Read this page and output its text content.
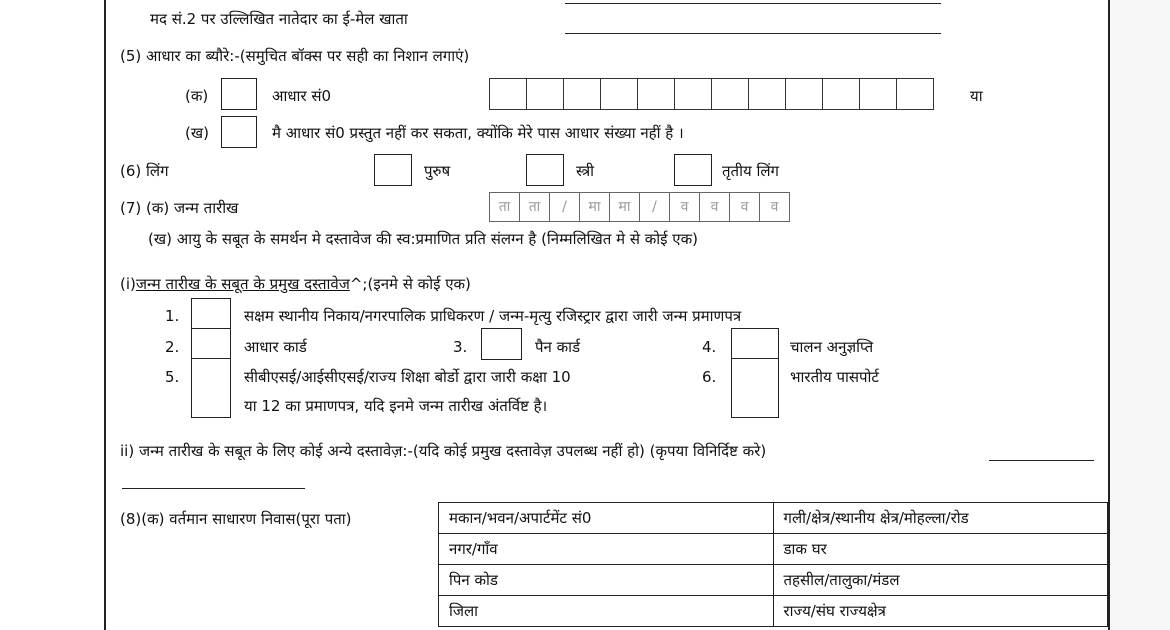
मद सं.2 पर उल्लिखित नातेदार का ई-मेल खाता
(5) आधार का ब्यौरे:-(समुचित बॉक्स पर सही का निशान लगाएं)
(क)	आधार सं0	या
(ख)	मै आधार सं0 प्रस्तुत नहीं कर सकता, क्योंकि मेरे पास आधार संख्या नहीं है ।
(6) लिंग	पुरुष	स्त्री	तृतीय लिंग
(7) (क) जन्म तारीख	ता	ता	/	मा	मा	/	व	व	व	व
(ख) आयु के सबूत के समर्थन मे दस्तावेज की स्व:प्रमाणित प्रति संलग्न है (निम्मलिखित मे से कोई एक)
(i)जन्म तारीख के सबूत के प्रमुख दस्तावेज^;(इनमे से कोई एक)
1.	सक्षम स्थानीय निकाय/नगरपालिक प्राधिकरण / जन्म-मृत्यु रजिस्ट्रार द्वारा जारी जन्म प्रमाणपत्र
2.	आधार कार्ड	3.	पैन कार्ड	4.	चालन अनुज्ञप्ति
5.	सीबीएसई/आईसीएसई/राज्य शिक्षा बोर्डो द्वारा जारी कक्षा 10
या 12 का प्रमाणपत्र, यदि इनमे जन्म तारीख अंतर्विष्ट है।
6.	भारतीय पासपोर्ट
ii) जन्म तारीख के सबूत के लिए कोई अन्ये दस्तावेज़:-(यदि कोई प्रमुख दस्तावेज़ उपलब्ध नहीं हो) (कृपया विनिर्दिष्ट करे)
(8)(क) वर्तमान साधारण निवास(पूरा पता)	मकान/भवन/अपार्टमेंट सं0	गली/क्षेत्र/स्थानीय क्षेत्र/मोहल्ला/रोड
नगर/गाँव	डाक घर
पिन कोड	तहसील/तालुका/मंडल
जिला	राज्य/संघ राज्यक्षेत्र
